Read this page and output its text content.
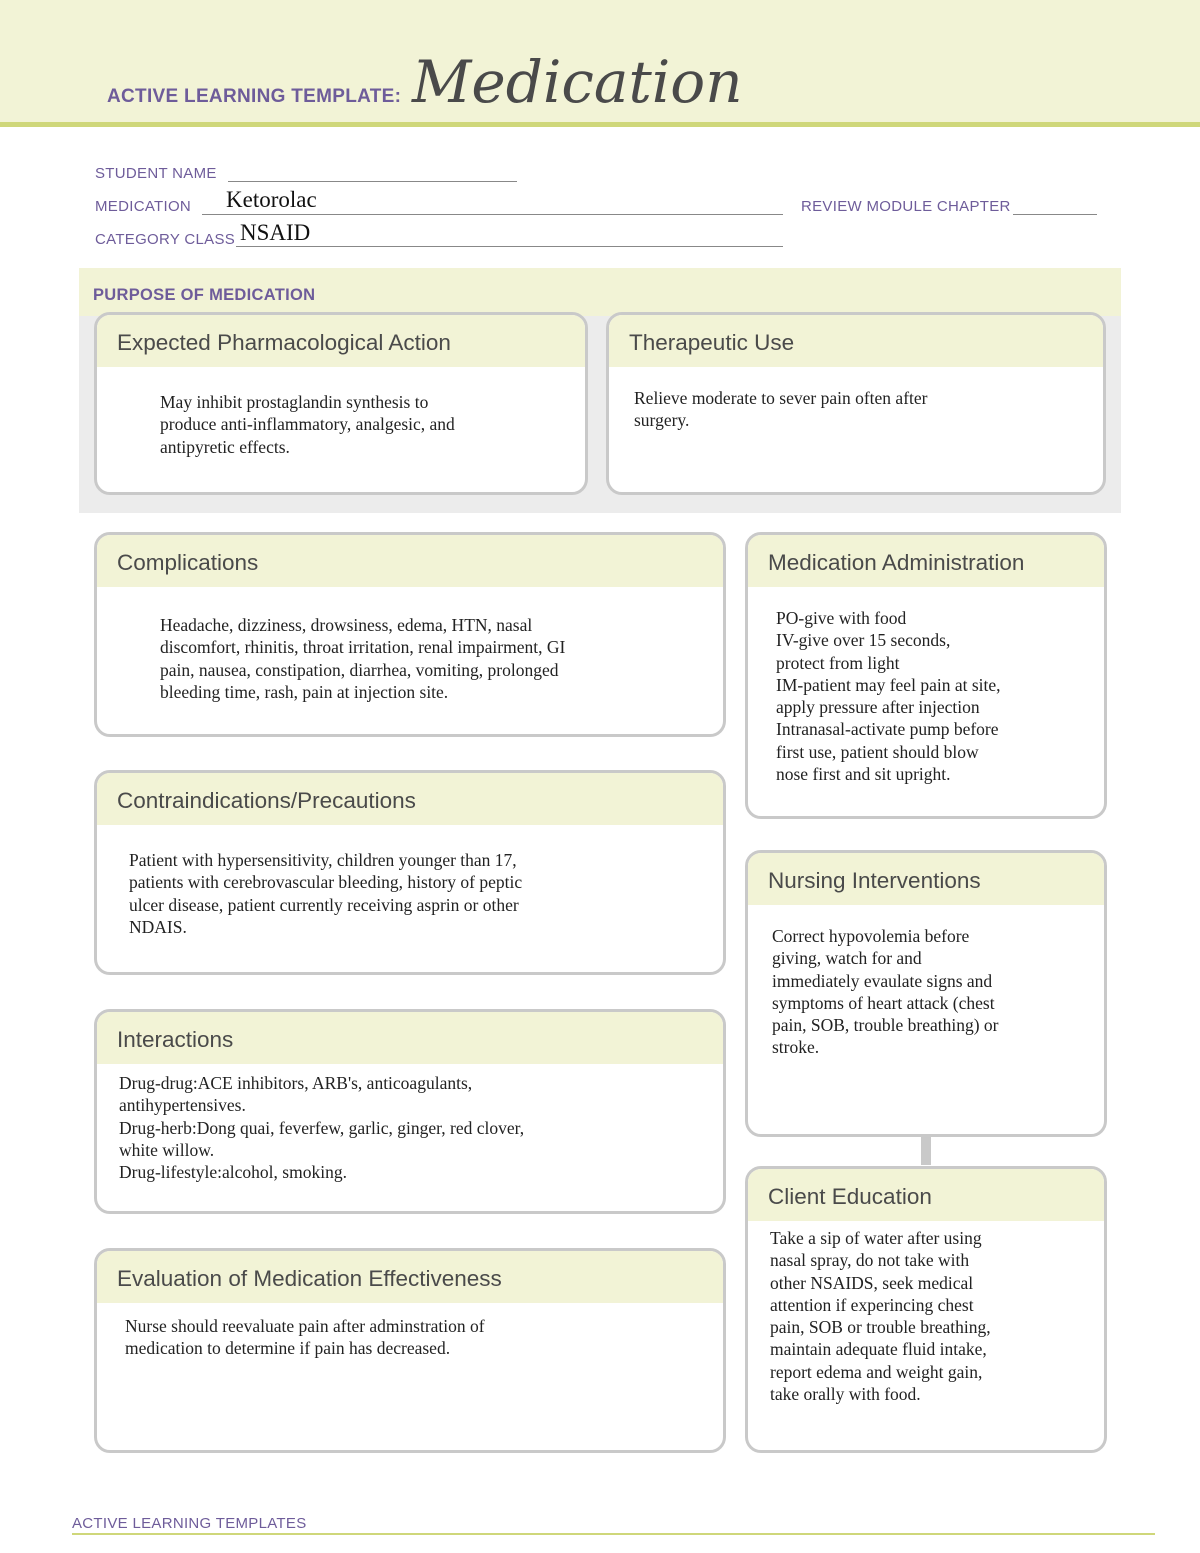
ACTIVE LEARNING TEMPLATE: Medication
STUDENT NAME
MEDICATION Ketorolac	REVIEW MODULE CHAPTER
CATEGORY CLASS NSAID
PURPOSE OF MEDICATION
Expected Pharmacological Action
May inhibit prostaglandin synthesis to
produce anti-inflammatory, analgesic, and
antipyretic effects.
Therapeutic Use
Relieve moderate to sever pain often after
surgery.
Complications
Headache, dizziness, drowsiness, edema, HTN, nasal
discomfort, rhinitis, throat irritation, renal impairment, GI
pain, nausea, constipation, diarrhea, vomiting, prolonged
bleeding time, rash, pain at injection site.
Contraindications/Precautions
Patient with hypersensitivity, children younger than 17,
patients with cerebrovascular bleeding, history of peptic
ulcer disease, patient currently receiving asprin or other
NDAIS.
Interactions
Drug-drug:ACE inhibitors, ARB's, anticoagulants,
antihypertensives.
Drug-herb:Dong quai, feverfew, garlic, ginger, red clover,
white willow.
Drug-lifestyle:alcohol, smoking.
Evaluation of Medication Effectiveness
Nurse should reevaluate pain after adminstration of
medication to determine if pain has decreased.
Medication Administration
PO-give with food
IV-give over 15 seconds,
protect from light
IM-patient may feel pain at site,
apply pressure after injection
Intranasal-activate pump before
first use, patient should blow
nose first and sit upright.
Nursing Interventions
Correct hypovolemia before
giving, watch for and
immediately evaulate signs and
symptoms of heart attack (chest
pain, SOB, trouble breathing) or
stroke.
Client Education
Take a sip of water after using
nasal spray, do not take with
other NSAIDS, seek medical
attention if experincing chest
pain, SOB or trouble breathing,
maintain adequate fluid intake,
report edema and weight gain,
take orally with food.
ACTIVE LEARNING TEMPLATES
